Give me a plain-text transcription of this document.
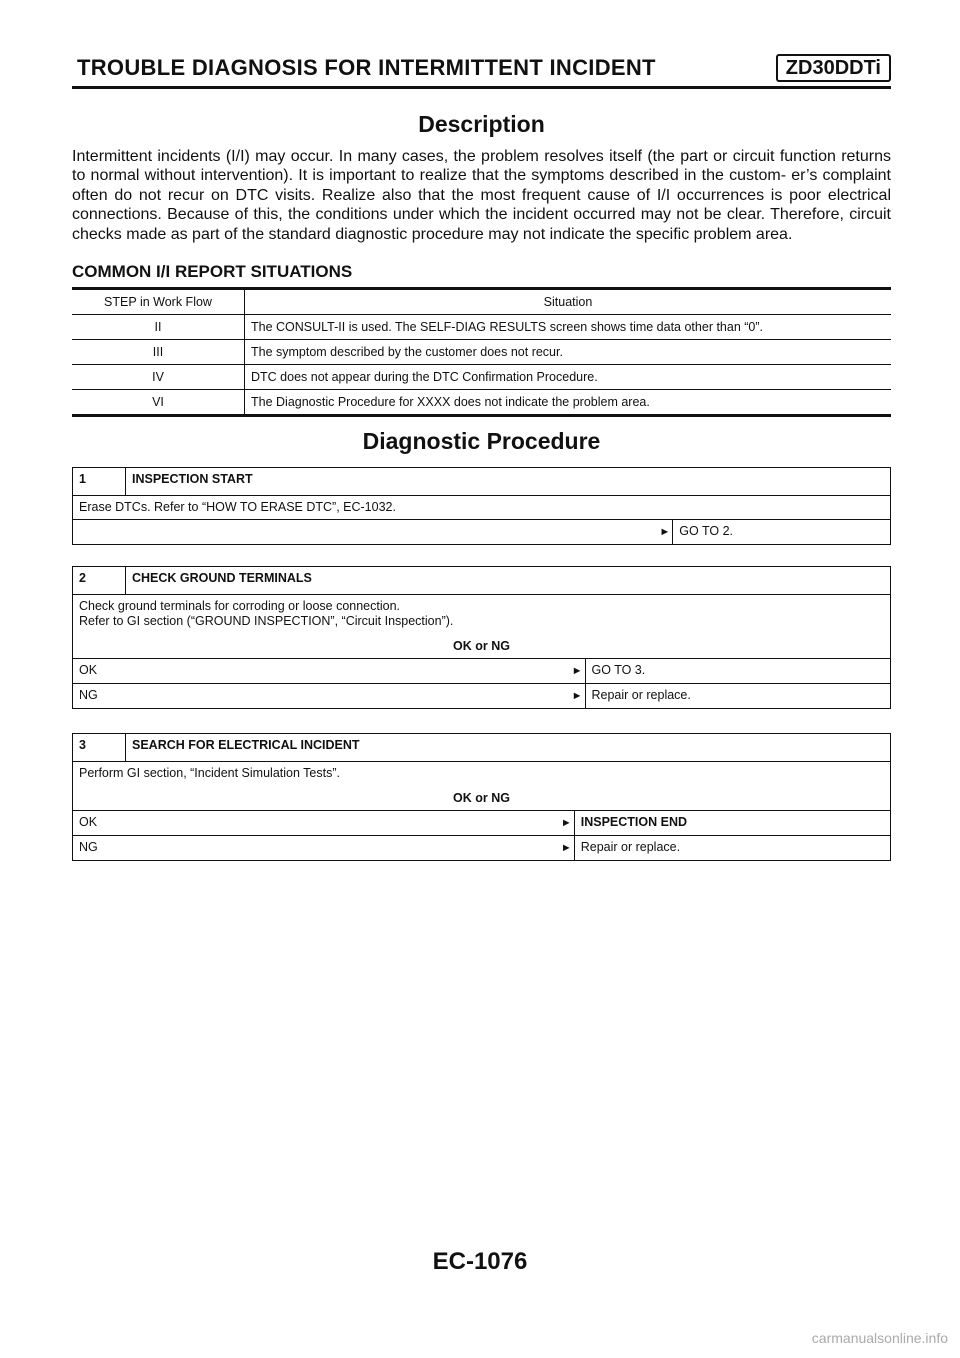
TROUBLE DIAGNOSIS FOR INTERMITTENT INCIDENT	ZD30DDTi
Description

Intermittent incidents (I/I) may occur. In many cases, the problem resolves itself (the part or circuit function returns to normal without intervention). It is important to realize that the symptoms described in the custom- er’s complaint often do not recur on DTC visits. Realize also that the most frequent cause of I/I occurrences is poor electrical connections. Because of this, the conditions under which the incident occurred may not be clear. Therefore, circuit checks made as part of the standard diagnostic procedure may not indicate the specific problem area.

COMMON I/I REPORT SITUATIONS
STEP in Work Flow	Situation
II	The CONSULT-II is used. The SELF-DIAG RESULTS screen shows time data other than “0”.
III	The symptom described by the customer does not recur.
IV	DTC does not appear during the DTC Confirmation Procedure.
VI	The Diagnostic Procedure for XXXX does not indicate the problem area.
Diagnostic Procedure
1	INSPECTION START		
Erase DTCs. Refer to “HOW TO ERASE DTC”, EC-1032.			
		►	GO TO 2.
2	CHECK GROUND TERMINALS		

Check ground terminals for corroding or loose connection.
Refer to GI section (“GROUND INSPECTION”, “Circuit Inspection”).
OK or NG			

OK		►	GO TO 3.
NG		►	Repair or replace.
3	SEARCH FOR ELECTRICAL INCIDENT		

Perform GI section, “Incident Simulation Tests”.
OK or NG			

OK		►	INSPECTION END
NG		►	Repair or replace.
EC-1076
carmanualsonline.info
